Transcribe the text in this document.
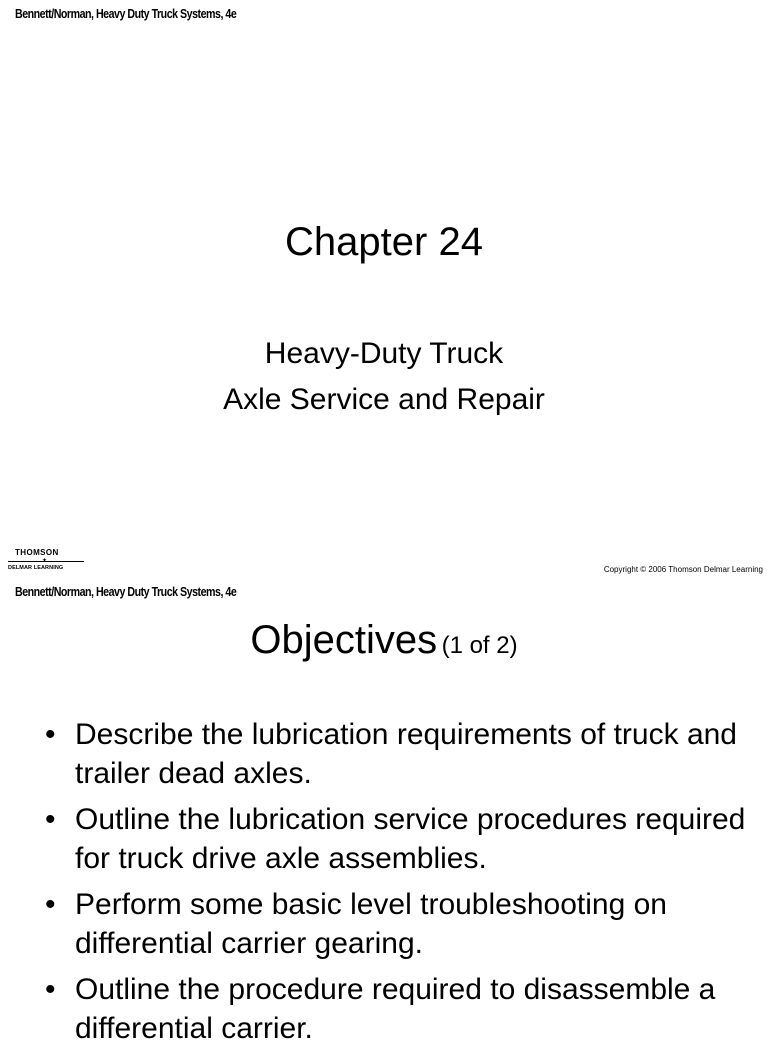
Bennett/Norman, Heavy Duty Truck Systems, 4e
Chapter 24
Heavy-Duty Truck
Axle Service and Repair
THOMSON
✦
DELMAR LEARNING	Copyright © 2006 Thomson Delmar Learning
Bennett/Norman, Heavy Duty Truck Systems, 4e
Objectives (1 of 2)
• Describe the lubrication requirements of truck and trailer dead axles.
• Outline the lubrication service procedures required for truck drive axle assemblies.
• Perform some basic level troubleshooting on differential carrier gearing.
• Outline the procedure required to disassemble a differential carrier.
